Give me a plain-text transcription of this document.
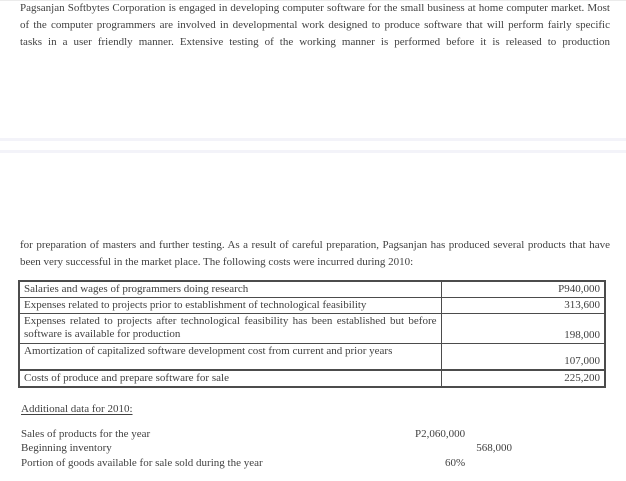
Pagsanjan Softbytes Corporation is engaged in developing computer software for the small business at home computer market. Most of the computer programmers are involved in developmental work designed to produce software that will perform fairly specific tasks in a user friendly manner. Extensive testing of the working manner is performed before it is released to production
for preparation of masters and further testing. As a result of careful preparation, Pagsanjan has produced several products that have been very successful in the market place. The following costs were incurred during 2010:
Salaries and wages of programmers doing research	P940,000
Expenses related to projects prior to establishment of technological feasibility	313,600
Expenses related to projects after technological feasibility has been established but before software is available for production	198,000
Amortization of capitalized software development cost from current and prior years	107,000
Costs of produce and prepare software for sale	225,200
Additional data for 2010:
Sales of products for the year	P2,060,000
Beginning inventory	568,000
Portion of goods available for sale sold during the year	60%
